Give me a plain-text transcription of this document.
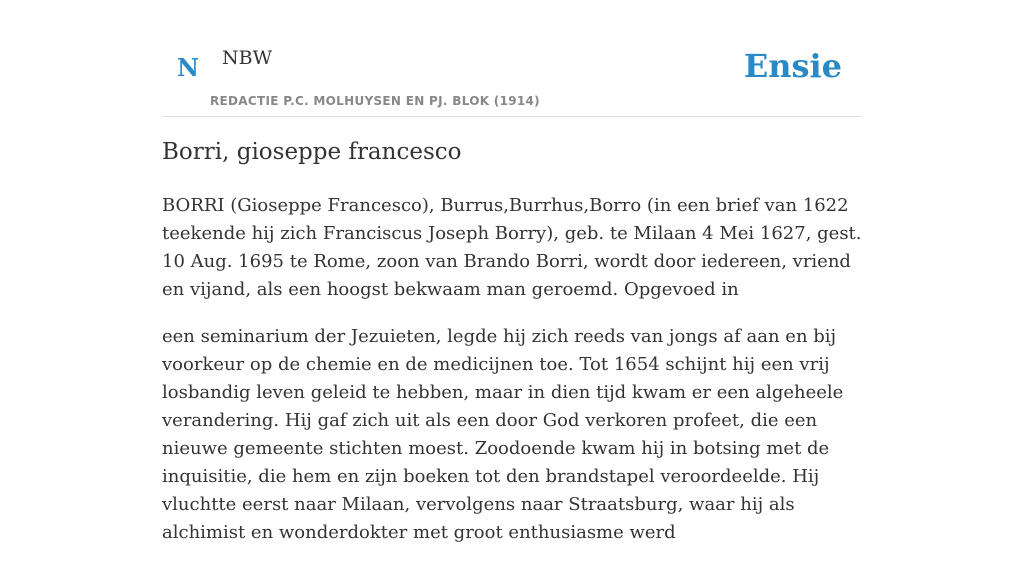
N NBW
REDACTIE P.C. MOLHUYSEN EN PJ. BLOK (1914)
Ensie
Borri, gioseppe francesco

BORRI (Gioseppe Francesco), Burrus,Burrhus,Borro (in een brief van 1622 teekende hij zich Franciscus Joseph Borry), geb. te Milaan 4 Mei 1627, gest. 10 Aug. 1695 te Rome, zoon van Brando Borri, wordt door iedereen, vriend en vijand, als een hoogst bekwaam man geroemd. Opgevoed in

een seminarium der Jezuieten, legde hij zich reeds van jongs af aan en bij voorkeur op de chemie en de medicijnen toe. Tot 1654 schijnt hij een vrij losbandig leven geleid te hebben, maar in dien tijd kwam er een algeheele verandering. Hij gaf zich uit als een door God verkoren profeet, die een nieuwe gemeente stichten moest. Zoodoende kwam hij in botsing met de inquisitie, die hem en zijn boeken tot den brandstapel veroordeelde. Hij vluchtte eerst naar Milaan, vervolgens naar Straatsburg, waar hij als alchimist en wonderdokter met groot enthusiasme werd
